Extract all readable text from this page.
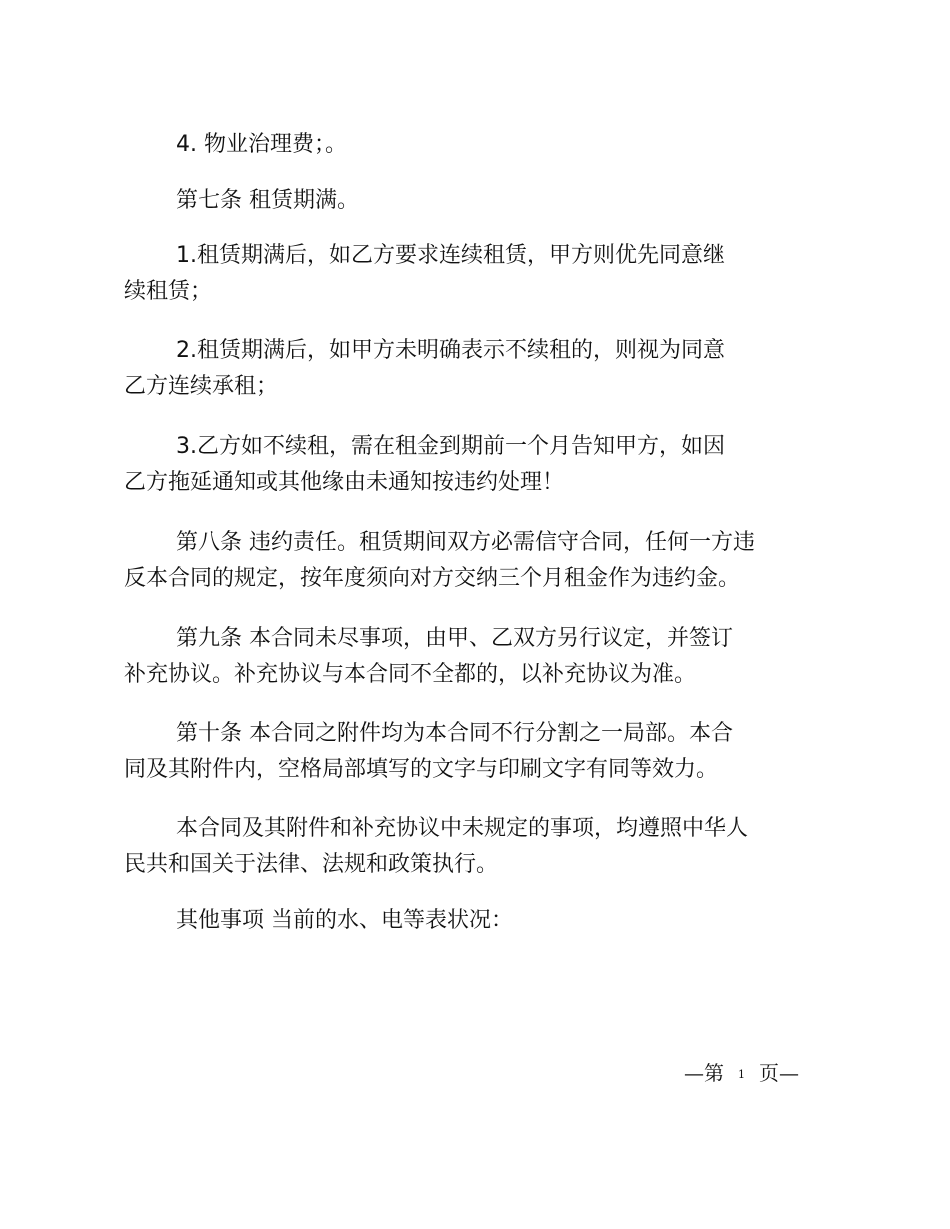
4. 物业治理费；。
第七条 租赁期满。
1.租赁期满后，如乙方要求连续租赁，甲方则优先同意继
续租赁；
2.租赁期满后，如甲方未明确表示不续租的，则视为同意
乙方连续承租；
3.乙方如不续租，需在租金到期前一个月告知甲方，如因
乙方拖延通知或其他缘由未通知按违约处理！
第八条 违约责任。租赁期间双方必需信守合同，任何一方违
反本合同的规定，按年度须向对方交纳三个月租金作为违约金。
第九条 本合同未尽事项，由甲、乙双方另行议定，并签订
补充协议。补充协议与本合同不全都的，以补充协议为准。
第十条 本合同之附件均为本合同不行分割之一局部。本合
同及其附件内，空格局部填写的文字与印刷文字有同等效力。
本合同及其附件和补充协议中未规定的事项，均遵照中华人
民共和国关于法律、法规和政策执行。
其他事项 当前的水、电等表状况：
—第 1 页—
